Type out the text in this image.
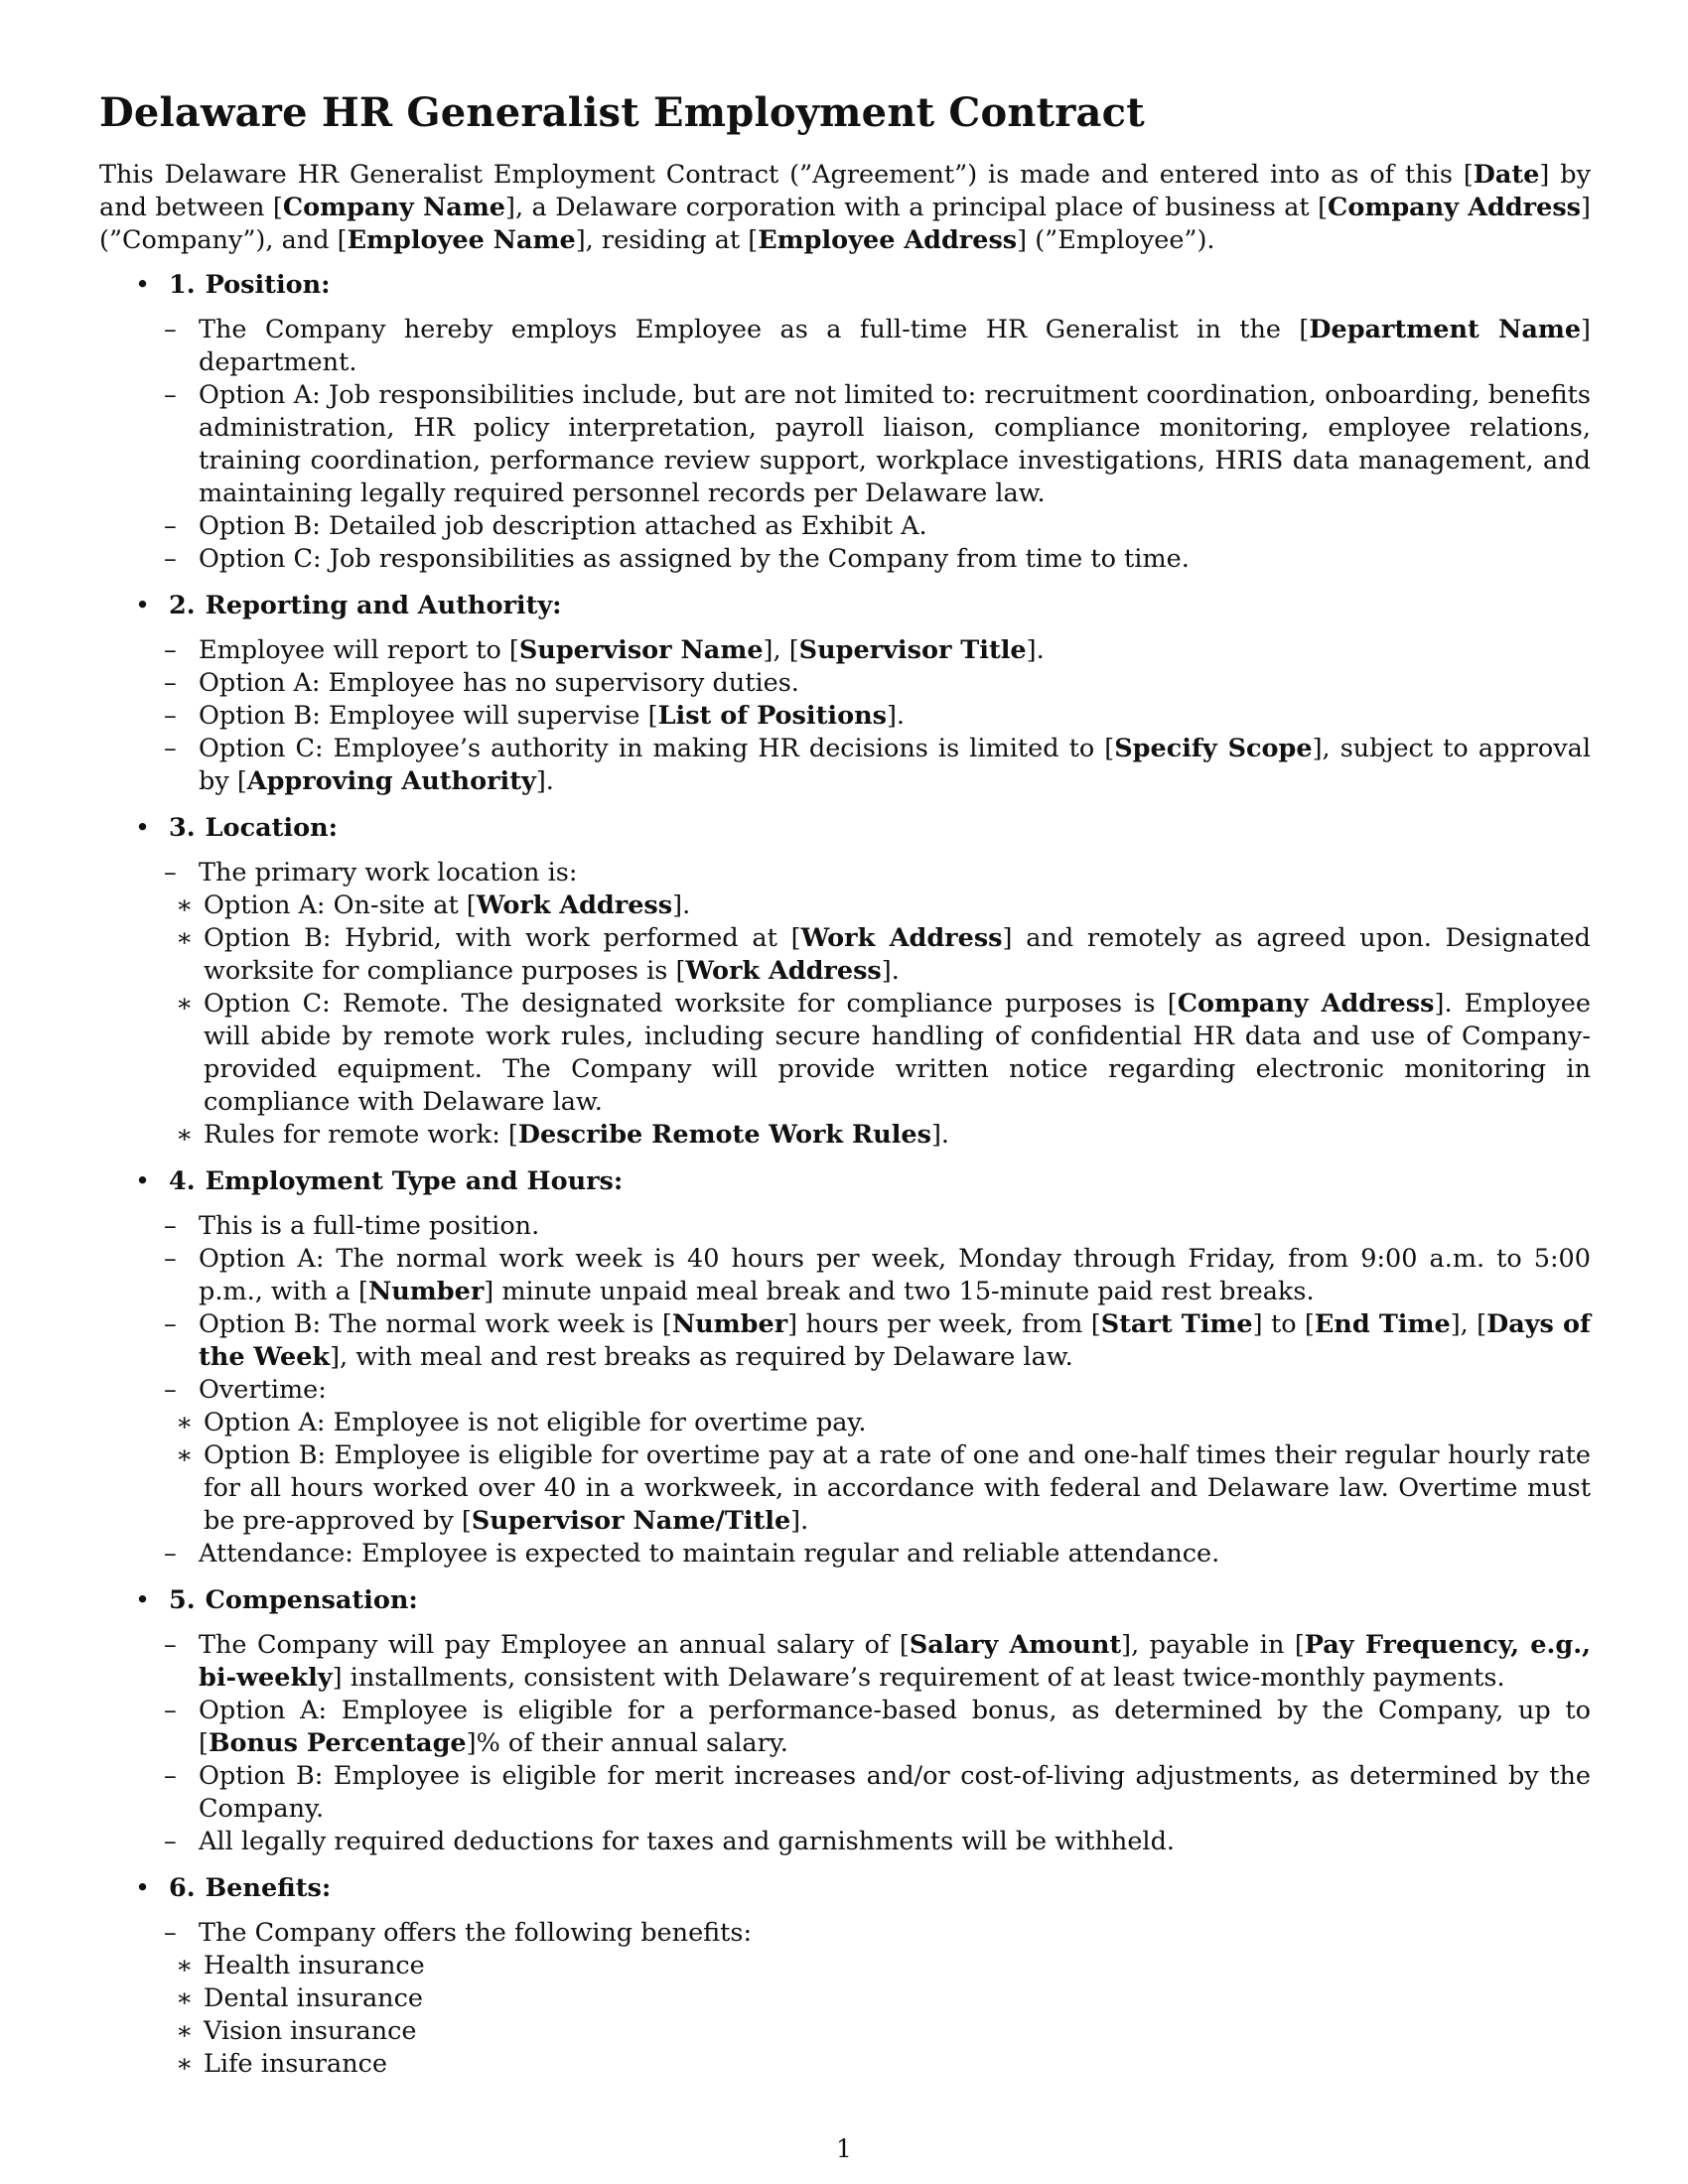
Delaware HR Generalist Employment Contract

This Delaware HR Generalist Employment Contract (”Agreement”) is made and entered into as of this [Date] by and between [Company Name], a Delaware corporation with a principal place of business at [Company Address] (”Company”), and [Employee Name], residing at [Employee Address] (”Employee”).

• 1. Position:
– The Company hereby employs Employee as a full-time HR Generalist in the [Department Name] department.
– Option A: Job responsibilities include, but are not limited to: recruitment coordination, onboarding, benefits administration, HR policy interpretation, payroll liaison, compliance monitoring, employee relations, training coordination, performance review support, workplace investigations, HRIS data management, and maintaining legally required personnel records per Delaware law.
– Option B: Detailed job description attached as Exhibit A.
– Option C: Job responsibilities as assigned by the Company from time to time.
• 2. Reporting and Authority:
– Employee will report to [Supervisor Name], [Supervisor Title].
– Option A: Employee has no supervisory duties.
– Option B: Employee will supervise [List of Positions].
– Option C: Employee’s authority in making HR decisions is limited to [Specify Scope], subject to approval by [Approving Authority].
• 3. Location:
– The primary work location is:
∗ Option A: On-site at [Work Address].
∗ Option B: Hybrid, with work performed at [Work Address] and remotely as agreed upon. Designated worksite for compliance purposes is [Work Address].
∗ Option C: Remote. The designated worksite for compliance purposes is [Company Address]. Employee will abide by remote work rules, including secure handling of confidential HR data and use of Company-provided equipment. The Company will provide written notice regarding electronic monitoring in compliance with Delaware law.
∗ Rules for remote work: [Describe Remote Work Rules].
• 4. Employment Type and Hours:
– This is a full-time position.
– Option A: The normal work week is 40 hours per week, Monday through Friday, from 9:00 a.m. to 5:00 p.m., with a [Number] minute unpaid meal break and two 15-minute paid rest breaks.
– Option B: The normal work week is [Number] hours per week, from [Start Time] to [End Time], [Days of the Week], with meal and rest breaks as required by Delaware law.
– Overtime:
∗ Option A: Employee is not eligible for overtime pay.
∗ Option B: Employee is eligible for overtime pay at a rate of one and one-half times their regular hourly rate for all hours worked over 40 in a workweek, in accordance with federal and Delaware law. Overtime must be pre-approved by [Supervisor Name/Title].
– Attendance: Employee is expected to maintain regular and reliable attendance.
• 5. Compensation:
– The Company will pay Employee an annual salary of [Salary Amount], payable in [Pay Frequency, e.g., bi-weekly] installments, consistent with Delaware’s requirement of at least twice-monthly payments.
– Option A: Employee is eligible for a performance-based bonus, as determined by the Company, up to [Bonus Percentage]% of their annual salary.
– Option B: Employee is eligible for merit increases and/or cost-of-living adjustments, as determined by the Company.
– All legally required deductions for taxes and garnishments will be withheld.
• 6. Benefits:
– The Company offers the following benefits:
∗ Health insurance
∗ Dental insurance
∗ Vision insurance
∗ Life insurance
1
